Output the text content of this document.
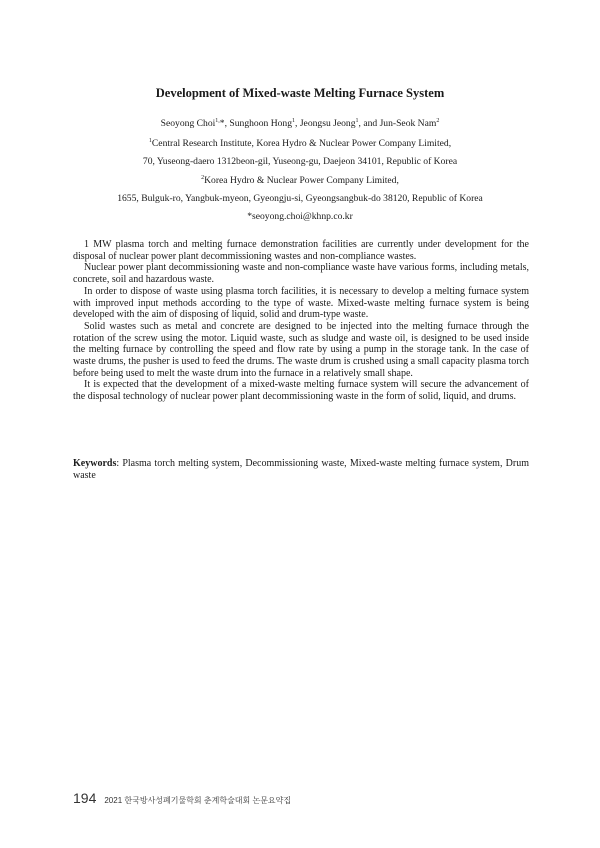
Development of Mixed-waste Melting Furnace System
Seoyong Choi$^{1,}$*, Sunghoon Hong$^1$, Jeongsu Jeong$^1$, and Jun-Seok Nam$^2$
$^1$Central Research Institute, Korea Hydro & Nuclear Power Company Limited,
70, Yuseong-daero 1312beon-gil, Yuseong-gu, Daejeon 34101, Republic of Korea
$^2$Korea Hydro & Nuclear Power Company Limited,
1655, Bulguk-ro, Yangbuk-myeon, Gyeongju-si, Gyeongsangbuk-do 38120, Republic of Korea
*seoyong.choi@khnp.co.kr

1 MW plasma torch and melting furnace demonstration facilities are currently under development for the disposal of nuclear power plant decommissioning wastes and non-compliance wastes.

Nuclear power plant decommissioning waste and non-compliance waste have various forms, including metals, concrete, soil and hazardous waste.

In order to dispose of waste using plasma torch facilities, it is necessary to develop a melting furnace system with improved input methods according to the type of waste. Mixed-waste melting furnace system is being developed with the aim of disposing of liquid, solid and drum-type waste.

Solid wastes such as metal and concrete are designed to be injected into the melting furnace through the rotation of the screw using the motor. Liquid waste, such as sludge and waste oil, is designed to be used inside the melting furnace by controlling the speed and flow rate by using a pump in the storage tank. In the case of waste drums, the pusher is used to feed the drums. The waste drum is crushed using a small capacity plasma torch before being used to melt the waste drum into the furnace in a relatively small shape.

It is expected that the development of a mixed-waste melting furnace system will secure the advancement of the disposal technology of nuclear power plant decommissioning waste in the form of solid, liquid, and drums.

Keywords: Plasma torch melting system, Decommissioning waste, Mixed-waste melting furnace system, Drum waste
194 2021 한국방사성폐기물학회 춘계학술대회 논문요약집
